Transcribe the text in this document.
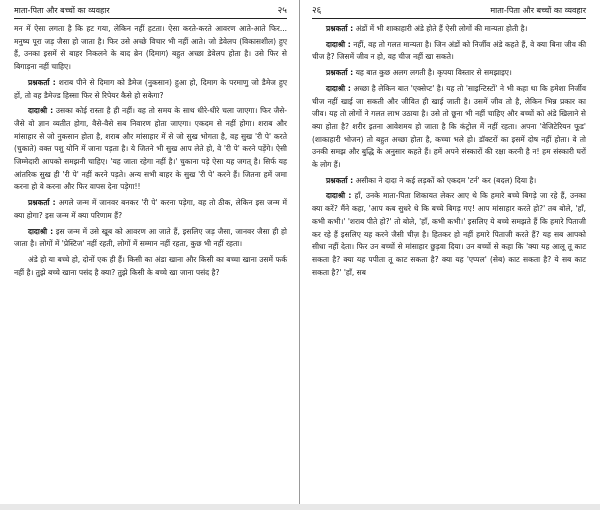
माता-पिता और बच्चों का व्यवहार	२५

मन में ऐसा लगता है कि हट गया, लेकिन नहीं हटता। ऐसा करते-करते आवरण आते-आते फिर... मनुष्य पूरा जड़ जैसा हो जाता है। फिर उसे अच्छे विचार भी नहीं आते। जो डेवेलप (विकासशील) हुए हैं, उनका इसमें से बाहर निकलने के बाद ब्रेन (दिमाग) बहुत अच्छा डेवेलप होता है। उसे फिर से बिगाड़ना नहीं चाहिए।

प्रश्नकर्ता : शराब पीने से दिमाग को डैमेज (नुकसान) हुआ हो, दिमाग के परमाणु जो डैमेज हुए हों, तो वह डैमेज्ड हिस्सा फिर से रिपेयर कैसे हो सकेगा?

दादाश्री : उसका कोई रास्ता है ही नहीं। वह तो समय के साथ धीरे-धीरे चला जाएगा। फिर जैसे-जैसे वो ज्ञान व्यतीत होगा, वैसे-वैसे सब निवारण होता जाएगा। एकदम से नहीं होगा। शराब और मांसाहार से जो नुकसान होता है, शराब और मांसाहार में से जो सुख भोगता है, वह सुख 'री पे' करते (चुकाते) वक्त पशु योनि में जाना पड़ता है। ये जितने भी सुख आप लेते हो, वे 'री पे' करने पड़ेंगे। ऐसी जिम्मेदारी आपको समझनी चाहिए। 'यह जाता रहेगा नहीं है।' चुकाना पड़े ऐसा यह जगत् है। सिर्फ यह आंतरिक सुख ही 'री पे' नहीं करने पड़ते। अन्य सभी बाहर के सुख 'री पे' करने हैं। जितना हमें जमा करना हो वे करना और फिर वापस देना पड़ेगा!!

प्रश्नकर्ता : अगले जन्म में जानवर बनकर 'री पे' करना पड़ेगा, वह तो ठीक, लेकिन इस जन्म में क्या होगा? इस जन्म में क्या परिणाम हैं?

दादाश्री : इस जन्म में उसे खूब को आवरण आ जाते हैं, इसलिए जड़ जैसा, जानवर जैसा ही हो जाता है। लोगों में 'प्रेस्टिज' नहीं रहती, लोगों में सम्मान नहीं रहता, कुछ भी नहीं रहता।

अंडे हो या बच्चे हो, दोनों एक ही हैं। किसी का अंडा खाना और किसी का बच्चा खाना उसमें फर्क नहीं है। तुझे बच्चे खाना पसंद है क्या? तुझे किसी के बच्चे खा जाना पसंद है?

२६	माता-पिता और बच्चों का व्यवहार

प्रश्नकर्ता : अंडों में भी शाकाहारी अंडे होते हैं ऐसी लोगों की मान्यता होती है।

दादाश्री : नहीं, वह तो गलत मान्यता है। जिन अंडों को निर्जीव अंडे कहते हैं, वे क्या बिना जीव की चीज है? जिसमें जीव न हो, वह चीज नहीं खा सकते।

प्रश्नकर्ता : यह बात कुछ अलग लगती है। कृपया विस्तार से समझाइए।

दादाश्री : अच्छा है लेकिन बात 'एक्सेप्ट' है। यह तो 'साइन्टिस्टों' ने भी कहा था कि हमेशा निर्जीव चीज नहीं खाई जा सकती और जीवित ही खाई जाती है। उसमें जीव तो है, लेकिन भिन्न प्रकार का जीव। यह तो लोगों ने गलत लाभ उठाया है। उसे तो छूना भी नहीं चाहिए और बच्चों को अंडे खिलाने से क्या होता है? शरीर इतना आवेशमय हो जाता है कि कंट्रोल में नहीं रहता। अपना 'वेजिटेरियन फूड' (शाकाहारी भोजन) तो बहुत अच्छा होता है, कच्चा भले हो। डॉक्टरों का इसमें दोष नहीं होता। वे तो उनकी समझ और बुद्धि के अनुसार कहते हैं। हमें अपने संस्कारों की रक्षा करनी है न! हम संस्कारी घरों के लोग हैं।

प्रश्नकर्ता : असीका ने दादा ने कई लड़कों को एकदम 'टर्न' कर (बदल) दिया है।

दादाश्री : हाँ, उनके माता-पिता शिकायत लेकर आए थे कि हमारे बच्चे बिगड़े जा रहे हैं, उनका क्या करें? मैंने कहा, 'आप कब सुधरे थे कि बच्चे बिगड़ गए! आप मांसाहार करते हो?' तब बोले, 'हाँ, कभी कभी।' 'शराब पीते हो?' तो बोले, 'हाँ, कभी कभी।' इसलिए ये बच्चे समझते हैं कि हमारे पिताजी कर रहे हैं इसलिए यह करने जैसी चीज़ है। हितकर हो नहीं हमारे पिताजी करते हैं? यह सब आपको सीधा नहीं देता। फिर उन बच्चों से मांसाहार छुड़वा दिया। उन बच्चों से कहा कि 'क्या यह आलू तू काट सकता है? क्या यह पपीता तू काट सकता है? क्या यह 'एप्पल' (सेब) काट सकता है? ये सब काट सकता है?' 'हाँ, सब
